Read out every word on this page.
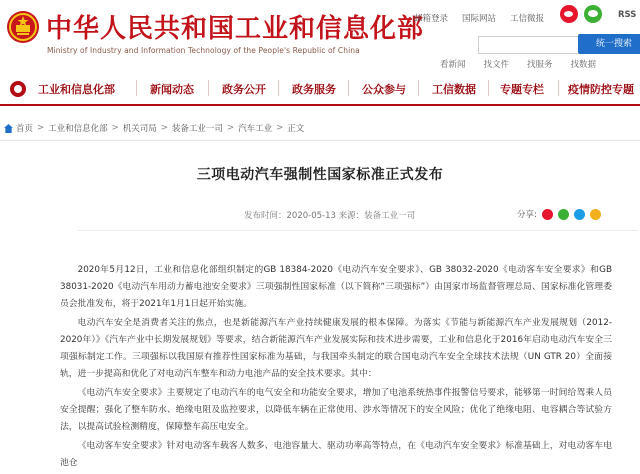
中华人民共和国工业和信息化部
Ministry of Industry and Information Technology of the People's Republic of China
邮箱登录 国际网站 工信微报	RSS
统一搜索
看新闻 找文件 找服务 找数据
工业和信息化部	新闻动态	政务公开 政务服务 公众参与 工信数据 专题专栏 疫情防控专题
首页 > 工业和信息化部 > 机关司局 > 装备工业一司 > 汽车工业 > 正文
三项电动汽车强制性国家标准正式发布
发布时间：2020-05-13 来源：装备工业一司	分享:

2020年5月12日，工业和信息化部组织制定的GB 18384-2020《电动汽车安全要求》、GB 38032-2020《电动客车安全要求》和GB 38031-2020《电动汽车用动力蓄电池安全要求》三项强制性国家标准（以下简称“三项强标”）由国家市场监督管理总局、国家标准化管理委员会批准发布，将于2021年1月1日起开始实施。

电动汽车安全是消费者关注的焦点，也是新能源汽车产业持续健康发展的根本保障。为落实《节能与新能源汽车产业发展规划（2012-2020年）》《汽车产业中长期发展规划》等要求，结合新能源汽车产业发展实际和技术进步需要，工业和信息化于2016年启动电动汽车安全三项强标制定工作。三项强标以我国原有推荐性国家标准为基础，与我国牵头制定的联合国电动汽车安全全球技术法规（UN GTR 20）全面接轨，进一步提高和优化了对电动汽车整车和动力电池产品的安全技术要求。其中：

《电动汽车安全要求》主要规定了电动汽车的电气安全和功能安全要求，增加了电池系统热事件报警信号要求，能够第一时间给驾乘人员安全提醒；强化了整车防水、绝缘电阻及监控要求，以降低车辆在正常使用、涉水等情况下的安全风险；优化了绝缘电阻、电容耦合等试验方法，以提高试验检测精度，保障整车高压电安全。

《电动客车安全要求》针对电动客车载客人数多、电池容量大、驱动功率高等特点，在《电动汽车安全要求》标准基础上，对电动客车电池仓
